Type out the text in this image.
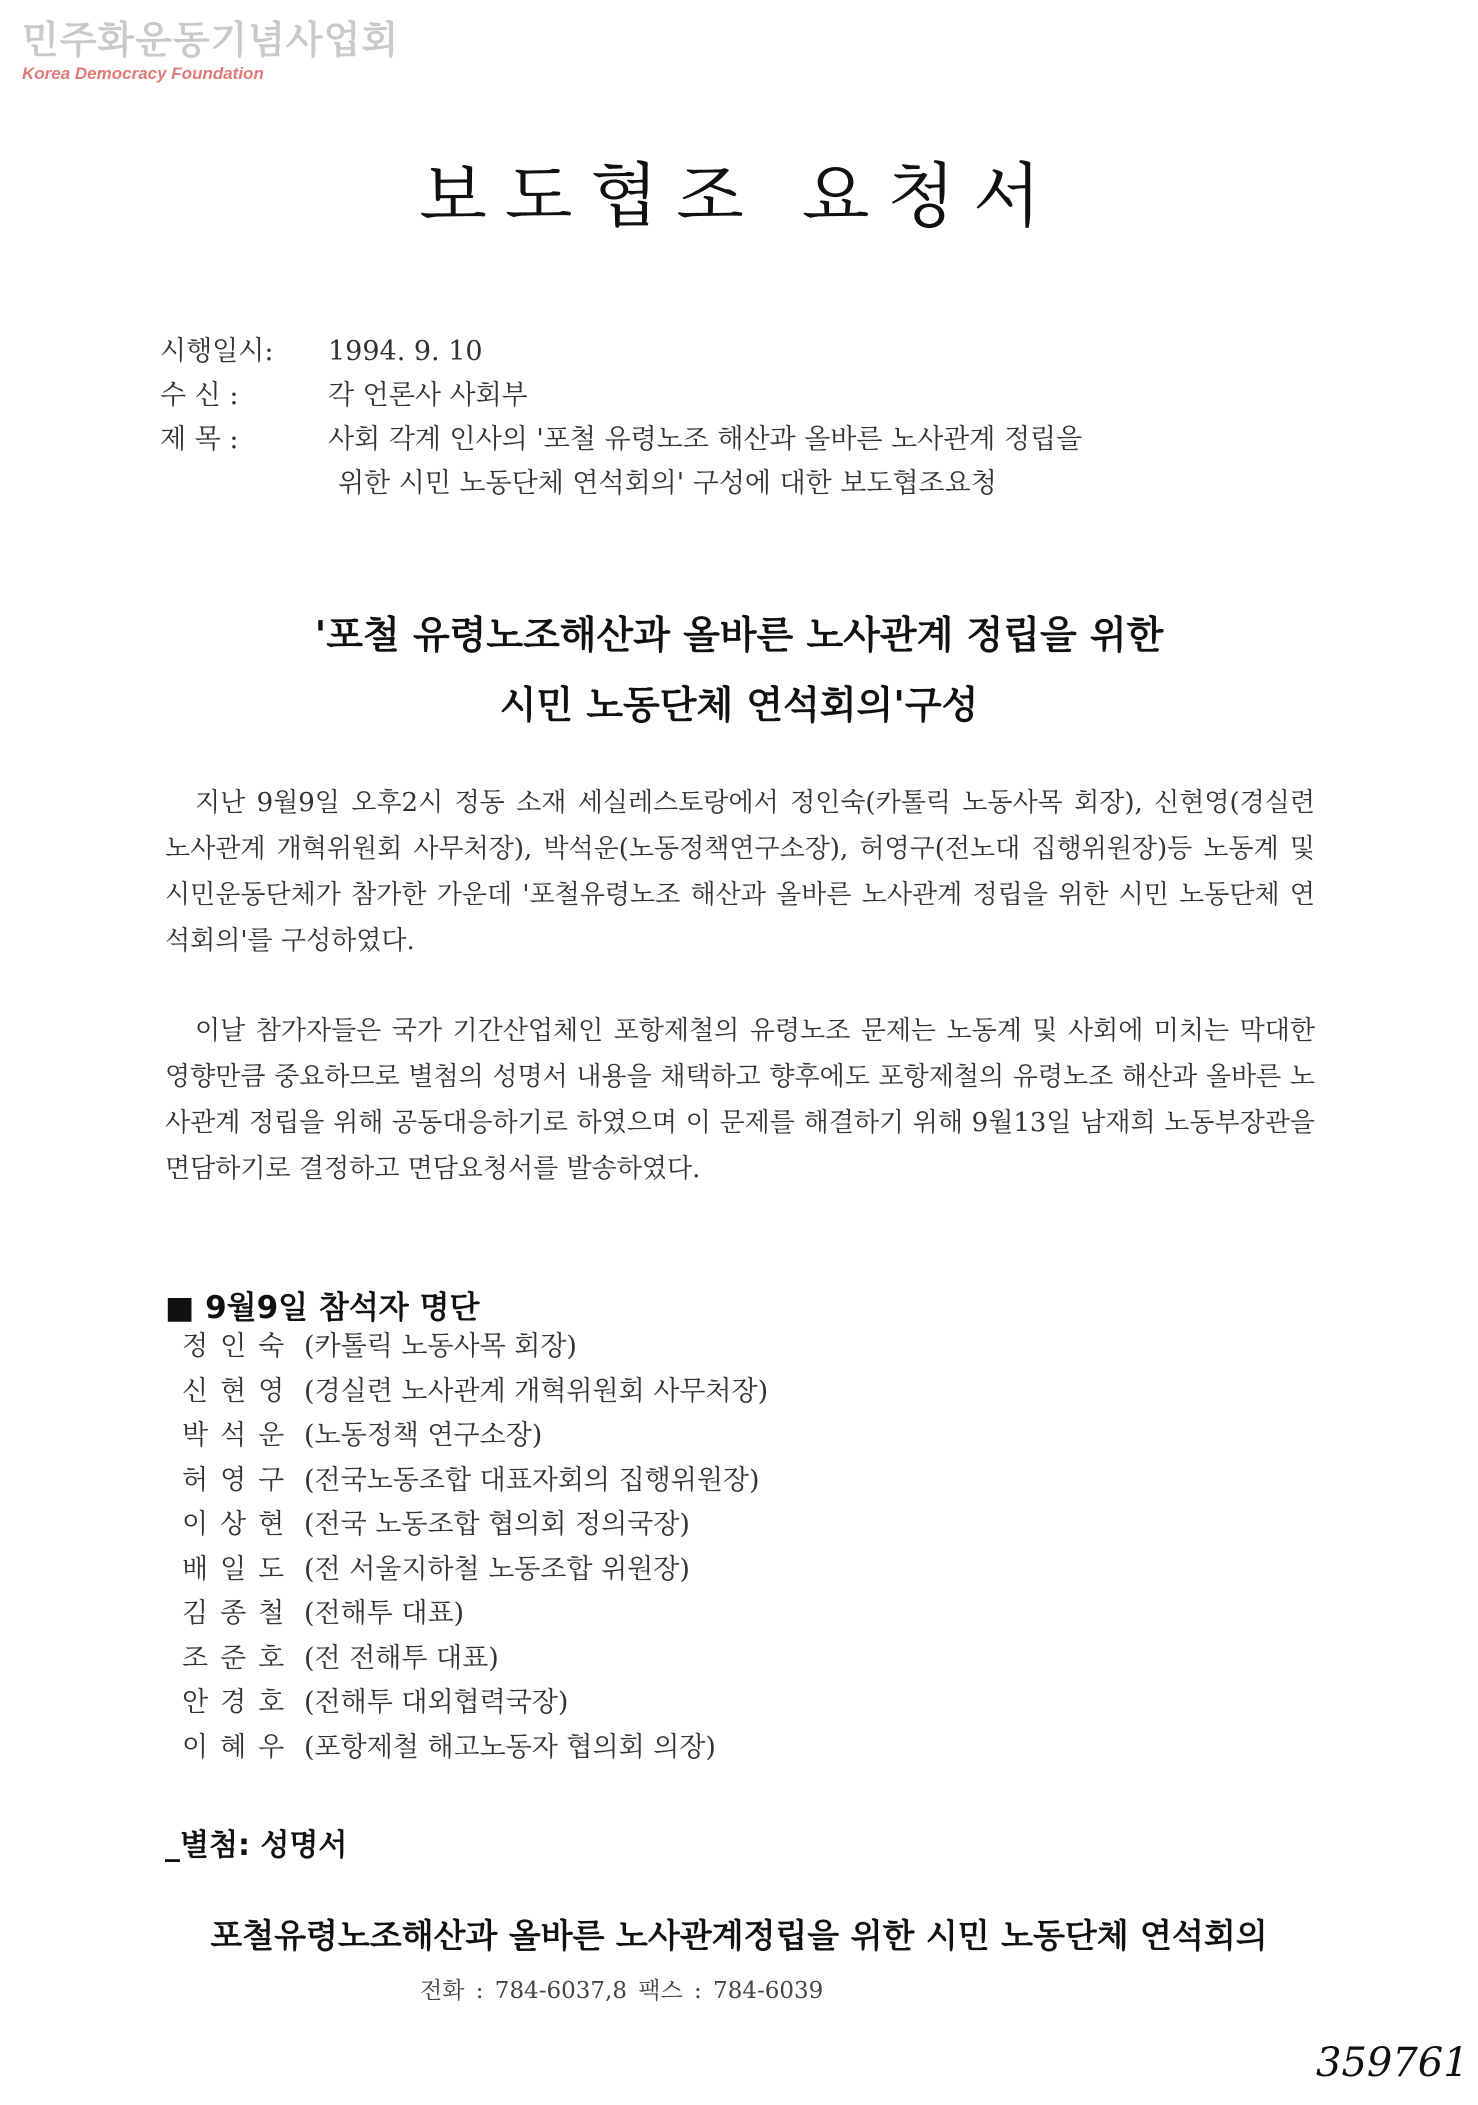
민주화운동기념사업회
Korea Democracy Foundation
보도협조 요청서
시행일시: 1994. 9. 10
수 신 :	각 언론사 사회부
제 목 :	사회 각계 인사의 '포철 유령노조 해산과 올바른 노사관계 정립을
위한 시민 노동단체 연석회의' 구성에 대한 보도협조요청
'포철 유령노조해산과 올바른 노사관계 정립을 위한
시민 노동단체 연석회의'구성
지난 9월9일 오후2시 정동 소재 세실레스토랑에서 정인숙(카톨릭 노동사목 회장), 신현영(경실련 노사관계 개혁위원회 사무처장), 박석운(노동정책연구소장), 허영구(전노대 집행위원장)등 노동계 및 시민운동단체가 참가한 가운데 '포철유령노조 해산과 올바른 노사관계 정립을 위한 시민 노동단체 연석회의'를 구성하였다.
이날 참가자들은 국가 기간산업체인 포항제철의 유령노조 문제는 노동계 및 사회에 미치는 막대한 영향만큼 중요하므로 별첨의 성명서 내용을 채택하고 향후에도 포항제철의 유령노조 해산과 올바른 노사관계 정립을 위해 공동대응하기로 하였으며 이 문제를 해결하기 위해 9월13일 남재희 노동부장관을 면담하기로 결정하고 면담요청서를 발송하였다.
■ 9월9일 참석자 명단
정인숙 (카톨릭 노동사목 회장)
신현영 (경실련 노사관계 개혁위원회 사무처장)
박석운 (노동정책 연구소장)
허영구 (전국노동조합 대표자회의 집행위원장)
이상현 (전국 노동조합 협의회 정의국장)
배일도 (전 서울지하철 노동조합 위원장)
김종철 (전해투 대표)
조준호 (전 전해투 대표)
안경호 (전해투 대외협력국장)
이혜우 (포항제철 해고노동자 협의회 의장)
_별첨: 성명서
포철유령노조해산과 올바른 노사관계정립을 위한 시민 노동단체 연석회의
전화 : 784-6037,8 팩스 : 784-6039
359761
